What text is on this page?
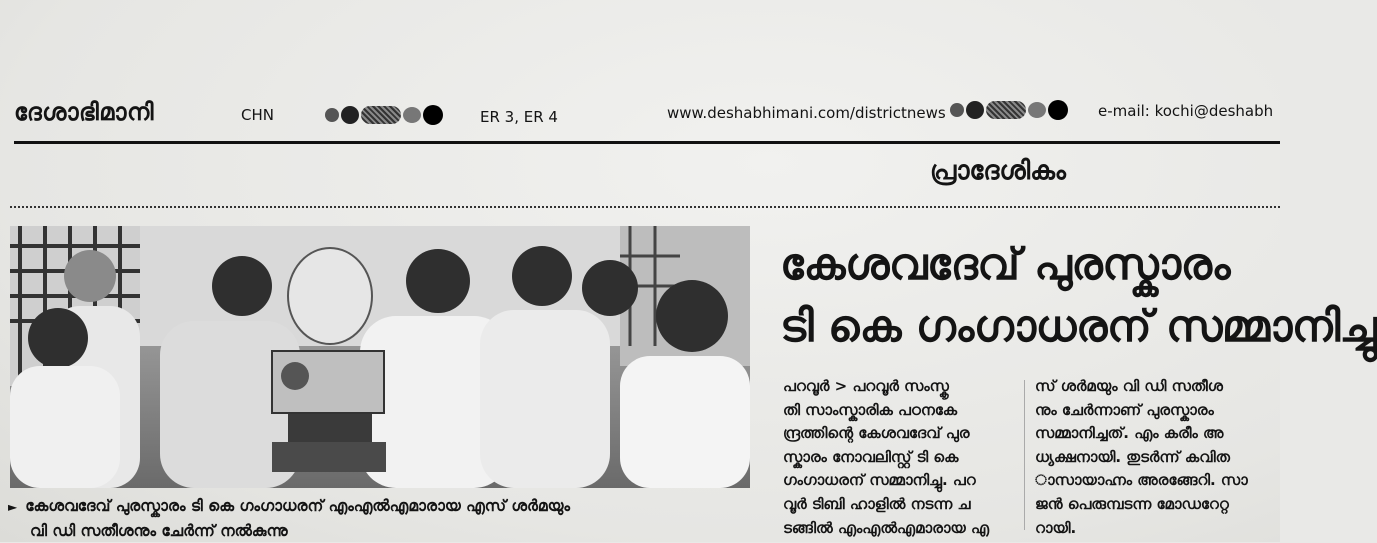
ദേശാഭിമാനി	CHN	ER 3, ER 4	www.deshabhimani.com/districtnews	e-mail: kochi@deshabh
പ്രാദേശികം
► കേശവദേവ് പുരസ്കാരം ടി കെ ഗംഗാധരന് എംഎൽഎമാരായ എസ് ശർമയും
വി ഡി സതീശനും ചേർന്ന് നൽകുന്നു
കേശവദേവ് പുരസ്കാരം
ടി കെ ഗംഗാധരന് സമ്മാനിച്ചു
പറവൂർ > പറവൂർ സംസ്കൃ
തി സാംസ്കാരിക പഠനകേ
ന്ദ്രത്തിന്റെ കേശവദേവ് പുര
സ്കാരം നോവലിസ്റ്റ് ടി കെ
ഗംഗാധരന് സമ്മാനിച്ചു. പറ
വൂർ ടിബി ഹാളിൽ നടന്ന ച
ടങ്ങിൽ എംഎൽഎമാരായ എ
സ് ശർമയും വി ഡി സതീശ
നും ചേർന്നാണ് പുരസ്കാരം
സമ്മാനിച്ചത്. എം കരീം അ
ധ്യക്ഷനായി. തുടർന്ന് കവിത
ാസായാഹ്നം അരങ്ങേറി. സാ
ജൻ പെരുമ്പടന്ന മോഡറേറ്റ
റായി.
